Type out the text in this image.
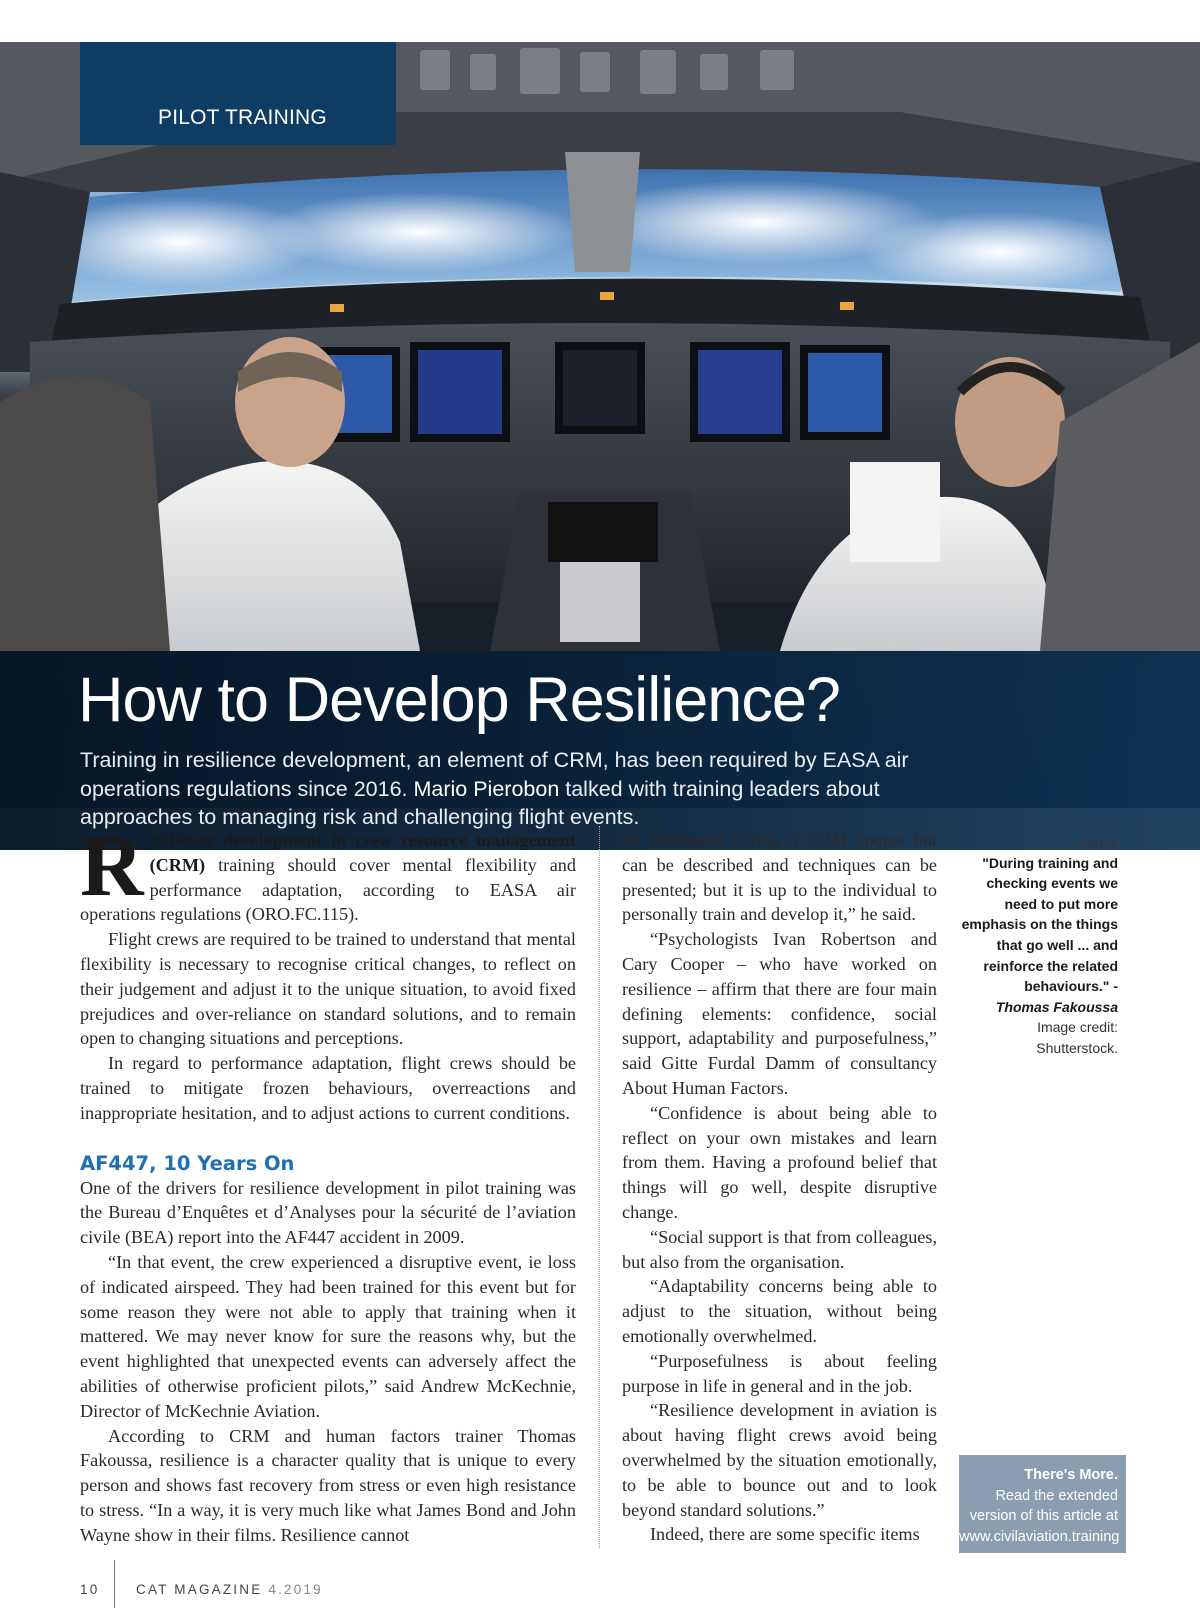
PILOT TRAINING
How to Develop Resilience?

Training in resilience development, an element of CRM, has been required by EASA air operations regulations since 2016. Mario Pierobon talked with training leaders about approaches to managing risk and challenging flight events.

Resilience development in crew resource management (CRM) training should cover mental flexibility and performance adaptation, according to EASA air operations regulations (ORO.FC.115).

Flight crews are required to be trained to understand that mental flexibility is necessary to recognise critical changes, to reflect on their judgement and adjust it to the unique situation, to avoid fixed prejudices and over-reliance on standard solutions, and to remain open to changing situations and perceptions.

In regard to performance adaptation, flight crews should be trained to mitigate frozen behaviours, overreactions and inappropriate hesitation, and to adjust actions to current conditions.

AF447, 10 Years On

One of the drivers for resilience development in pilot training was the Bureau d’Enquêtes et d’Analyses pour la sécurité de l’aviation civile (BEA) report into the AF447 accident in 2009.

“In that event, the crew experienced a disruptive event, ie loss of indicated airspeed. They had been trained for this event but for some reason they were not able to apply that training when it mattered. We may never know for sure the reasons why, but the event highlighted that unexpected events can adversely affect the abilities of otherwise proficient pilots,” said Andrew McKechnie, Director of McKechnie Aviation.

According to CRM and human factors trainer Thomas Fakoussa, resilience is a character quality that is unique to every person and shows fast recovery from stress or even high resistance to stress. “In a way, it is very much like what James Bond and John Wayne show in their films. Resilience cannot

be developed during a CRM course but can be described and techniques can be presented; but it is up to the individual to personally train and develop it,” he said.

“Psychologists Ivan Robertson and Cary Cooper – who have worked on resilience – affirm that there are four main defining elements: confidence, social support, adaptability and purposefulness,” said Gitte Furdal Damm of consultancy About Human Factors.

“Confidence is about being able to reflect on your own mistakes and learn from them. Having a profound belief that things will go well, despite disruptive change.

“Social support is that from colleagues, but also from the organisation.

“Adaptability concerns being able to adjust to the situation, without being emotionally overwhelmed.

“Purposefulness is about feeling purpose in life in general and in the job.

“Resilience development in aviation is about having flight crews avoid being overwhelmed by the situation emotionally, to be able to bounce out and to look beyond standard solutions.”

Indeed, there are some specific items

Above
"During training and checking events we need to put more emphasis on the things that go well ... and reinforce the related behaviours." -
Thomas Fakoussa
Image credit: Shutterstock.
There's More.
Read the extended version of this article at
www.civilaviation.training
10	CAT MAGAZINE 4.2019
